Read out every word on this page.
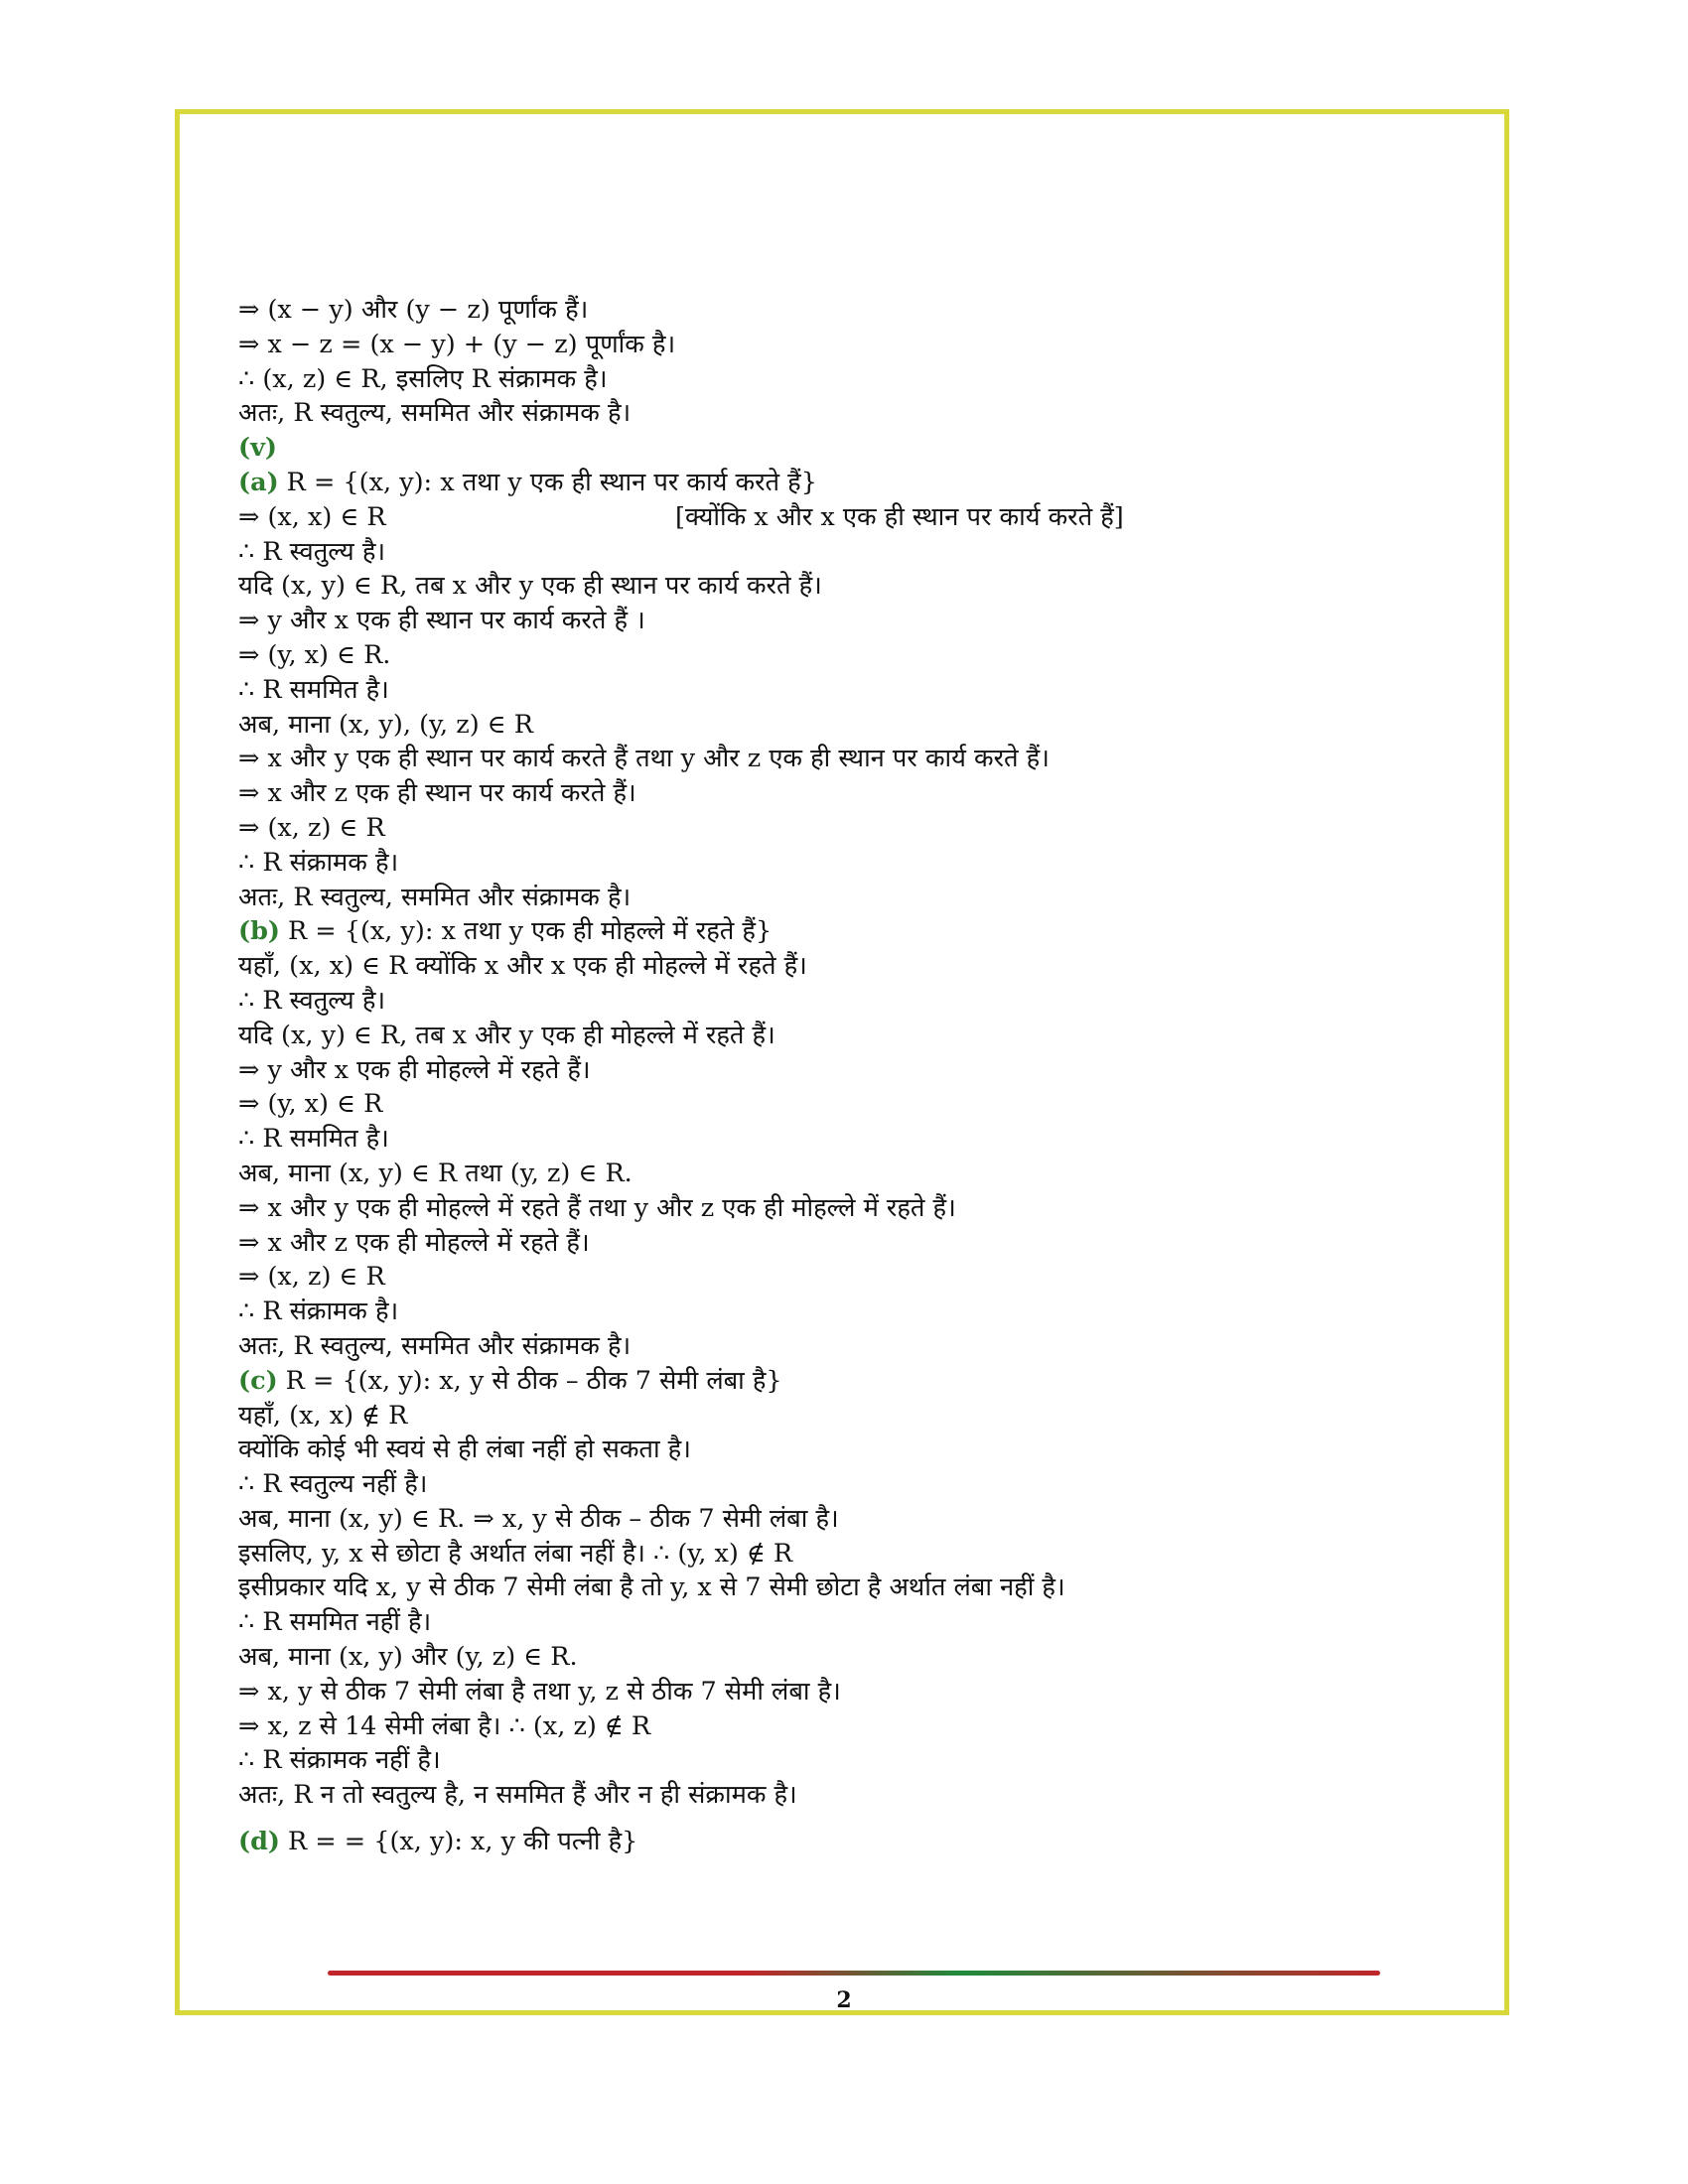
⇒ (x − y) और (y − z) पूर्णांक हैं।
⇒ x − z = (x − y) + (y − z) पूर्णांक है।
∴ (x, z) ∈ R, इसलिए R संक्रामक है।
अतः, R स्वतुल्य, सममित और संक्रामक है।
(v)
(a) R = {(x, y): x तथा y एक ही स्थान पर कार्य करते हैं}
⇒ (x, x) ∈ R	[क्योंकि x और x एक ही स्थान पर कार्य करते हैं]
∴ R स्वतुल्य है।
यदि (x, y) ∈ R, तब x और y एक ही स्थान पर कार्य करते हैं।
⇒ y और x एक ही स्थान पर कार्य करते हैं ।
⇒ (y, x) ∈ R.
∴ R सममित है।
अब, माना (x, y), (y, z) ∈ R
⇒ x और y एक ही स्थान पर कार्य करते हैं तथा y और z एक ही स्थान पर कार्य करते हैं।
⇒ x और z एक ही स्थान पर कार्य करते हैं।
⇒ (x, z) ∈ R
∴ R संक्रामक है।
अतः, R स्वतुल्य, सममित और संक्रामक है।
(b) R = {(x, y): x तथा y एक ही मोहल्ले में रहते हैं}
यहाँ, (x, x) ∈ R क्योंकि x और x एक ही मोहल्ले में रहते हैं।
∴ R स्वतुल्य है।
यदि (x, y) ∈ R, तब x और y एक ही मोहल्ले में रहते हैं।
⇒ y और x एक ही मोहल्ले में रहते हैं।
⇒ (y, x) ∈ R
∴ R सममित है।
अब, माना (x, y) ∈ R तथा (y, z) ∈ R.
⇒ x और y एक ही मोहल्ले में रहते हैं तथा y और z एक ही मोहल्ले में रहते हैं।
⇒ x और z एक ही मोहल्ले में रहते हैं।
⇒ (x, z) ∈ R
∴ R संक्रामक है।
अतः, R स्वतुल्य, सममित और संक्रामक है।
(c) R = {(x, y): x, y से ठीक – ठीक 7 सेमी लंबा है}
यहाँ, (x, x) ∉ R
क्योंकि कोई भी स्वयं से ही लंबा नहीं हो सकता है।
∴ R स्वतुल्य नहीं है।
अब, माना (x, y) ∈ R. ⇒ x, y से ठीक – ठीक 7 सेमी लंबा है।
इसलिए, y, x से छोटा है अर्थात लंबा नहीं है। ∴ (y, x) ∉ R
इसीप्रकार यदि x, y से ठीक 7 सेमी लंबा है तो y, x से 7 सेमी छोटा है अर्थात लंबा नहीं है।
∴ R सममित नहीं है।
अब, माना (x, y) और (y, z) ∈ R.
⇒ x, y से ठीक 7 सेमी लंबा है तथा y, z से ठीक 7 सेमी लंबा है।
⇒ x, z से 14 सेमी लंबा है। ∴ (x, z) ∉ R
∴ R संक्रामक नहीं है।
अतः, R न तो स्वतुल्य है, न सममित हैं और न ही संक्रामक है।
(d) R = = {(x, y): x, y की पत्नी है}
2
